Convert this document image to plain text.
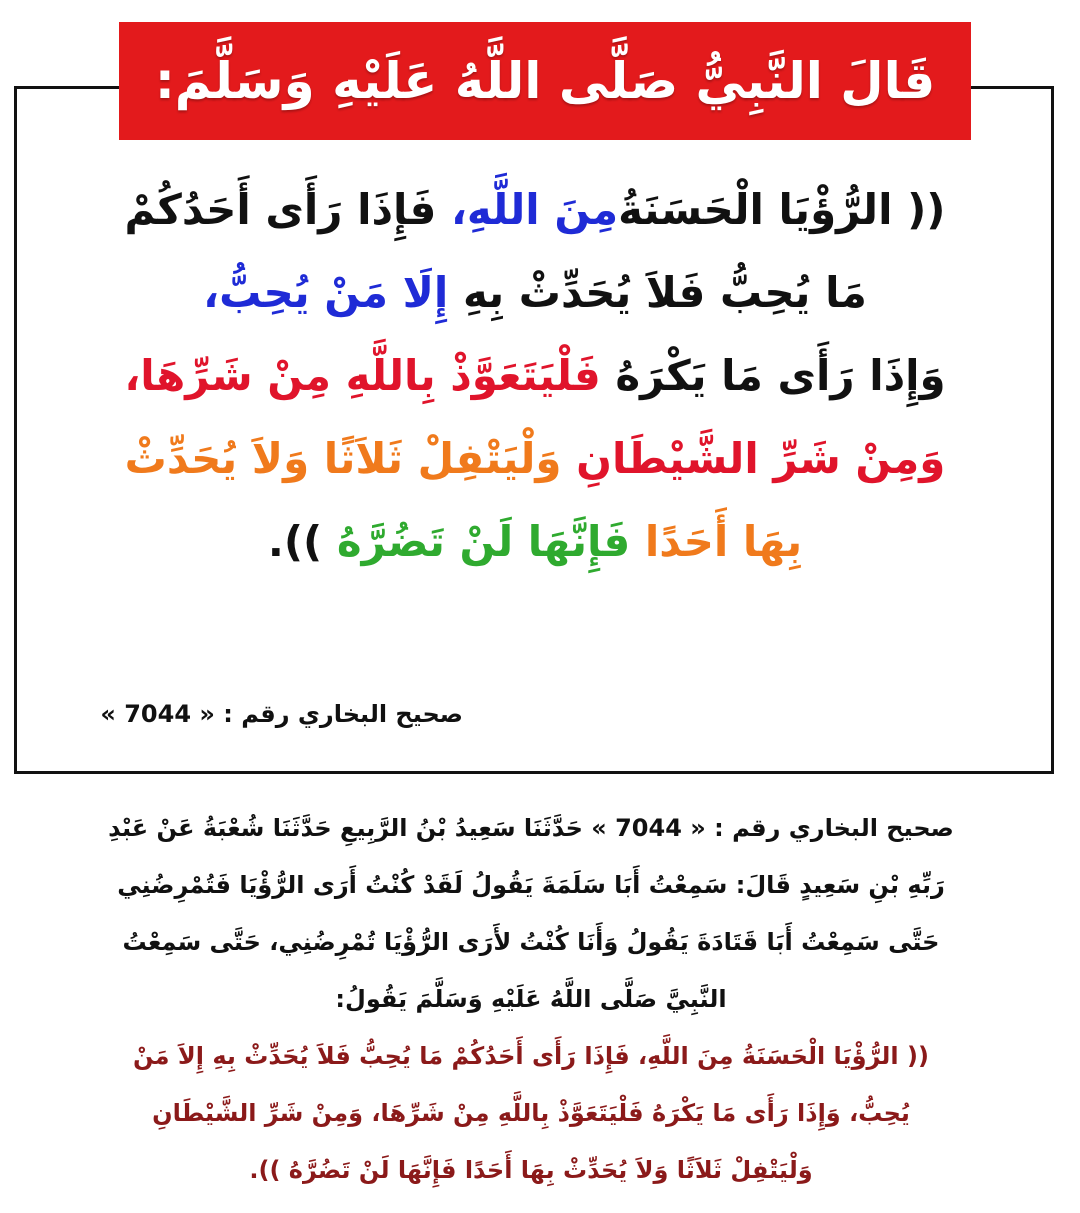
قَالَ النَّبِيُّ صَلَّى اللَّهُ عَلَيْهِ وَسَلَّمَ:
(( الرُّؤْيَا الْحَسَنَةُمِنَ اللَّهِ، فَإِذَا رَأَى أَحَدُكُمْ
مَا يُحِبُّ فَلاَ يُحَدِّثْ بِهِ إِلَا مَنْ يُحِبُّ،
وَإِذَا رَأَى مَا يَكْرَهُ فَلْيَتَعَوَّذْ بِاللَّهِ مِنْ شَرِّهَا،
وَمِنْ شَرِّ الشَّيْطَانِ وَلْيَتْفِلْ ثَلاَثًا وَلاَ يُحَدِّثْ
بِهَا أَحَدًا فَإِنَّهَا لَنْ تَضُرَّهُ )).
صحيح البخاري رقم : « 7044 »
صحيح البخاري رقم : « 7044 » حَدَّثَنَا سَعِيدُ بْنُ الرَّبِيعِ حَدَّثَنَا شُعْبَةُ عَنْ عَبْدِ
رَبِّهِ بْنِ سَعِيدٍ قَالَ: سَمِعْتُ أَبَا سَلَمَةَ يَقُولُ لَقَدْ كُنْتُ أَرَى الرُّؤْيَا فَتُمْرِضُنِي
حَتَّى سَمِعْتُ أَبَا قَتَادَةَ يَقُولُ وَأَنَا كُنْتُ لأَرَى الرُّؤْيَا تُمْرِضُنِي، حَتَّى سَمِعْتُ
النَّبِيَّ صَلَّى اللَّهُ عَلَيْهِ وَسَلَّمَ يَقُولُ:
(( الرُّؤْيَا الْحَسَنَةُ مِنَ اللَّهِ، فَإِذَا رَأَى أَحَدُكُمْ مَا يُحِبُّ فَلاَ يُحَدِّثْ بِهِ إِلاَ مَنْ
يُحِبُّ، وَإِذَا رَأَى مَا يَكْرَهُ فَلْيَتَعَوَّذْ بِاللَّهِ مِنْ شَرِّهَا، وَمِنْ شَرِّ الشَّيْطَانِ
وَلْيَتْفِلْ ثَلاَثًا وَلاَ يُحَدِّثْ بِهَا أَحَدًا فَإِنَّهَا لَنْ تَضُرَّهُ )).
